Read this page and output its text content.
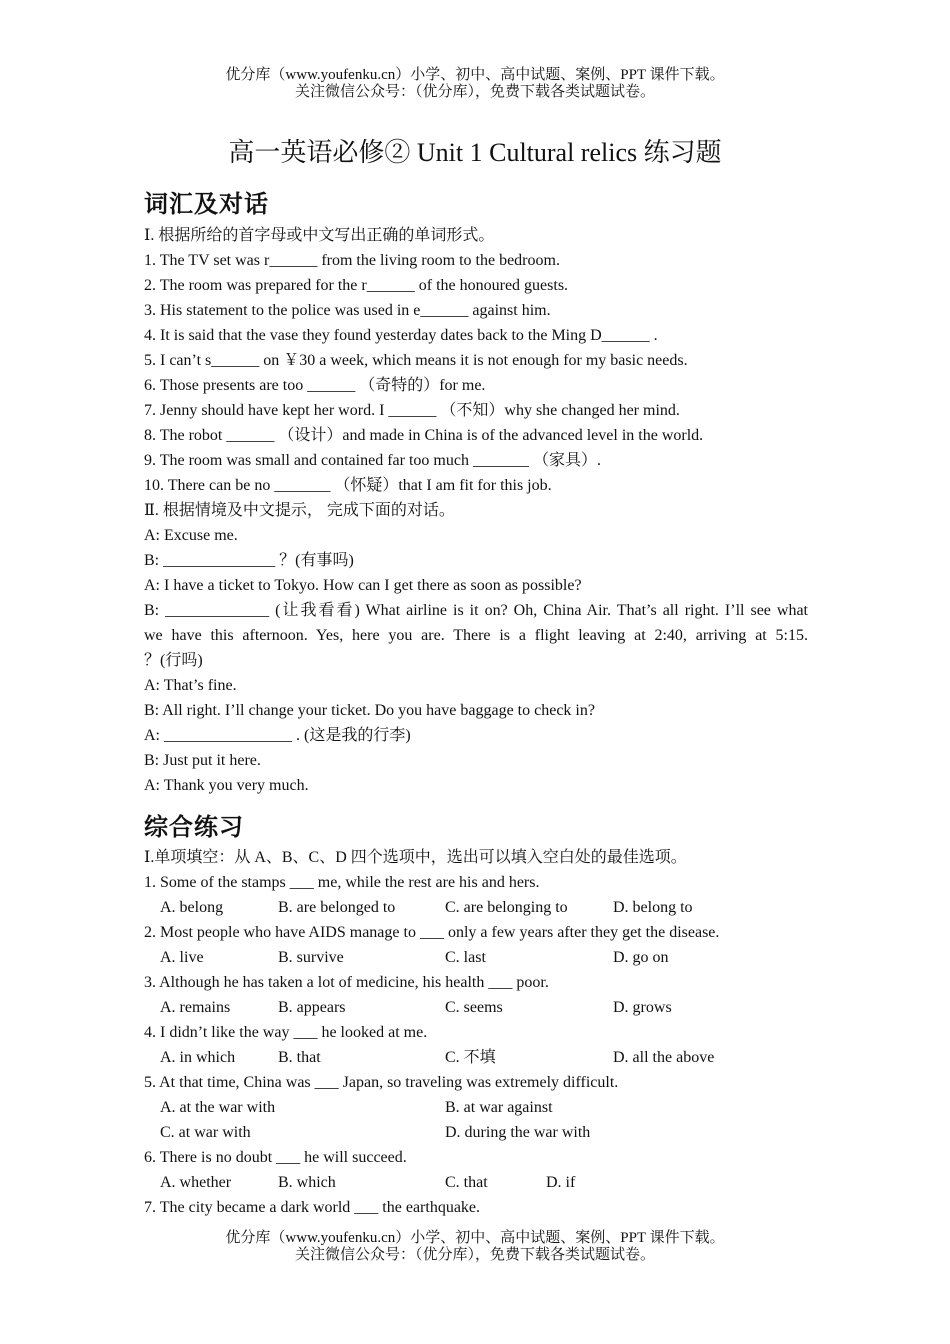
优分库（www.youfenku.cn）小学、初中、高中试题、案例、PPT 课件下载。
关注微信公众号：（优分库），免费下载各类试题试卷。
高一英语必修② Unit 1 Cultural relics 练习题
词汇及对话
Ⅰ. 根据所给的首字母或中文写出正确的单词形式。
1. The TV set was r______ from the living room to the bedroom.
2. The room was prepared for the r______ of the honoured guests.
3. His statement to the police was used in e______ against him.
4. It is said that the vase they found yesterday dates back to the Ming D______ .
5. I can’t s______ on ￥30 a week, which means it is not enough for my basic needs.
6. Those presents are too ______ （奇特的）for me.
7. Jenny should have kept her word. I ______ （不知）why she changed her mind.
8. The robot ______ （设计）and made in China is of the advanced level in the world.
9. The room was small and contained far too much _______ （家具）.
10. There can be no _______ （怀疑）that I am fit for this job.
Ⅱ. 根据情境及中文提示， 完成下面的对话。
A: Excuse me.
B: ______________ ？(有事吗)
A: I have a ticket to Tokyo. How can I get there as soon as possible?
B: _____________ (让我看看) What airline is it on? Oh, China Air. That’s all right. I’ll see what
we have this afternoon. Yes, here you are. There is a flight leaving at 2:40, arriving at 5:15.
？(行吗)
A: That’s fine.
B: All right. I’ll change your ticket. Do you have baggage to check in?
A: ________________ . (这是我的行李)
B: Just put it here.
A: Thank you very much.
综合练习
Ⅰ.单项填空：从 A、B、C、D 四个选项中，选出可以填入空白处的最佳选项。
1. Some of the stamps ___ me, while the rest are his and hers.
A. belong	B. are belonged to	C. are belonging to	D. belong to
2. Most people who have AIDS manage to ___ only a few years after they get the disease.
A. live	B. survive	C. last	D. go on
3. Although he has taken a lot of medicine, his health ___ poor.
A. remains	B. appears	C. seems	D. grows
4. I didn’t like the way ___ he looked at me.
A. in which	B. that	C. 不填	D. all the above
5. At that time, China was ___ Japan, so traveling was extremely difficult.
A. at the war with	B. at war against
C. at war with	D. during the war with
6. There is no doubt ___ he will succeed.
A. whether	B. which	C. that	D. if
7. The city became a dark world ___ the earthquake.
优分库（www.youfenku.cn）小学、初中、高中试题、案例、PPT 课件下载。
关注微信公众号：（优分库），免费下载各类试题试卷。
